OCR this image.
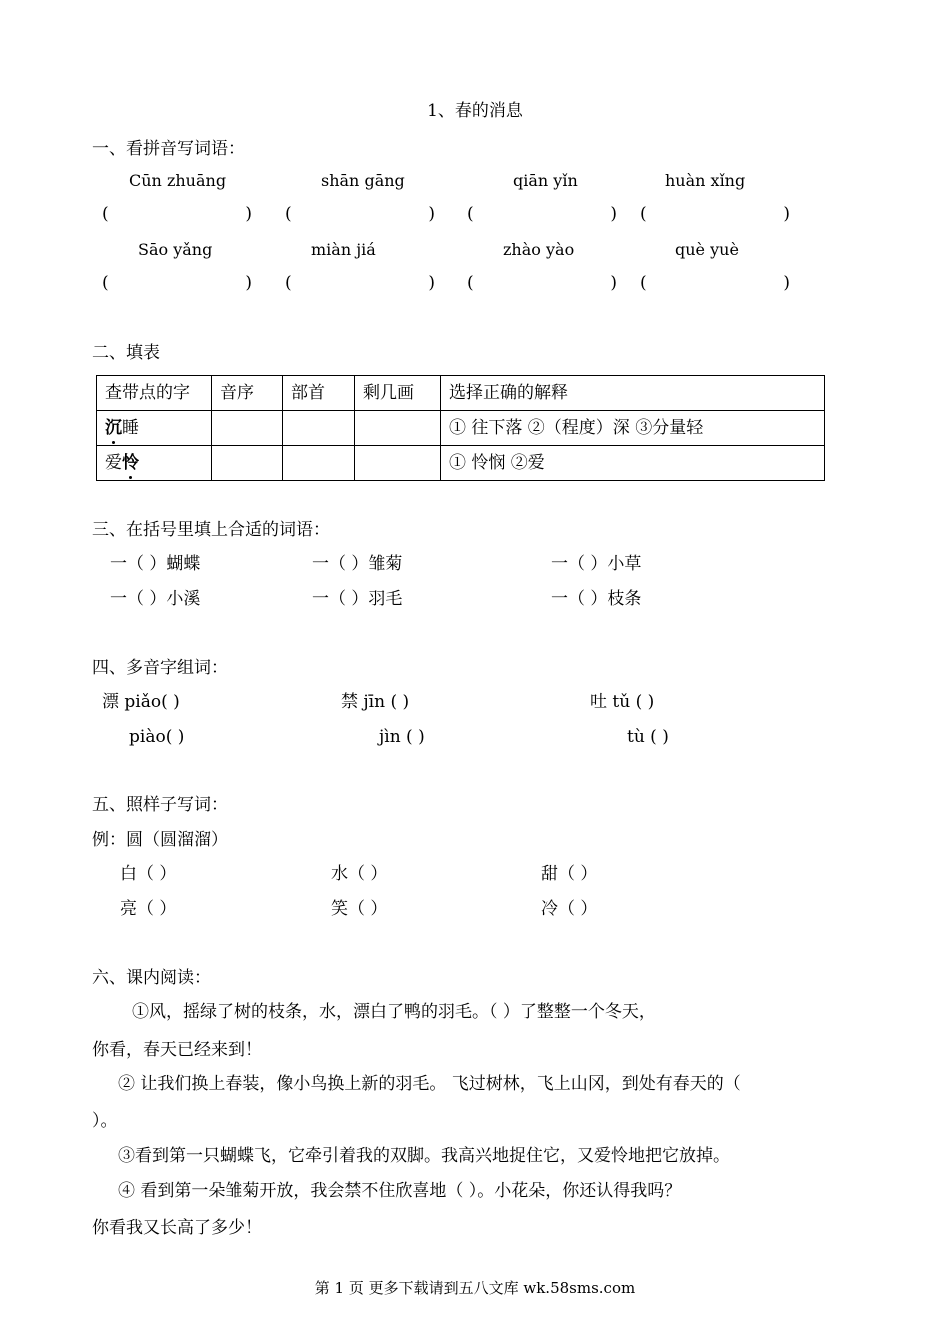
1、春的消息
一、看拼音写词语：
Cūn zhuāng	shān gāng	qiān yǐn	huàn xǐng
(	) (	) (	) (	)
Sāo yǎng	miàn jiá	zhào yào	què yuè
(	) (	) (	) (	)
二、填表
查带点的字	音序	部首	剩几画	选择正确的解释
沉睡				① 往下落 ②（程度）深 ③分量轻
爱怜				① 怜悯 ②爱
三、在括号里填上合适的词语：
一（ ）蝴蝶	一（ ）雏菊	一（ ）小草
一（ ）小溪	一（ ）羽毛	一（ ）枝条
四、多音字组词：
漂 piǎo( )	禁 jīn ( )	吐 tǔ ( )
piào( )	jìn ( )	tù ( )
五、照样子写词：
例：圆（圆溜溜）
白（ ）	水（ ）	甜（ ）
亮（ ）	笑（ ）	冷（ ）
六、课内阅读：
①风，摇绿了树的枝条，水，漂白了鸭的羽毛。（ ）了整整一个冬天，
你看，春天已经来到！
② 让我们换上春装，像小鸟换上新的羽毛。 飞过树林，飞上山冈，到处有春天的（
）。
③看到第一只蝴蝶飞，它牵引着我的双脚。我高兴地捉住它，又爱怜地把它放掉。
④ 看到第一朵雏菊开放，我会禁不住欣喜地（ ）。小花朵，你还认得我吗？
你看我又长高了多少！
第 1 页 更多下载请到五八文库 wk.58sms.com
